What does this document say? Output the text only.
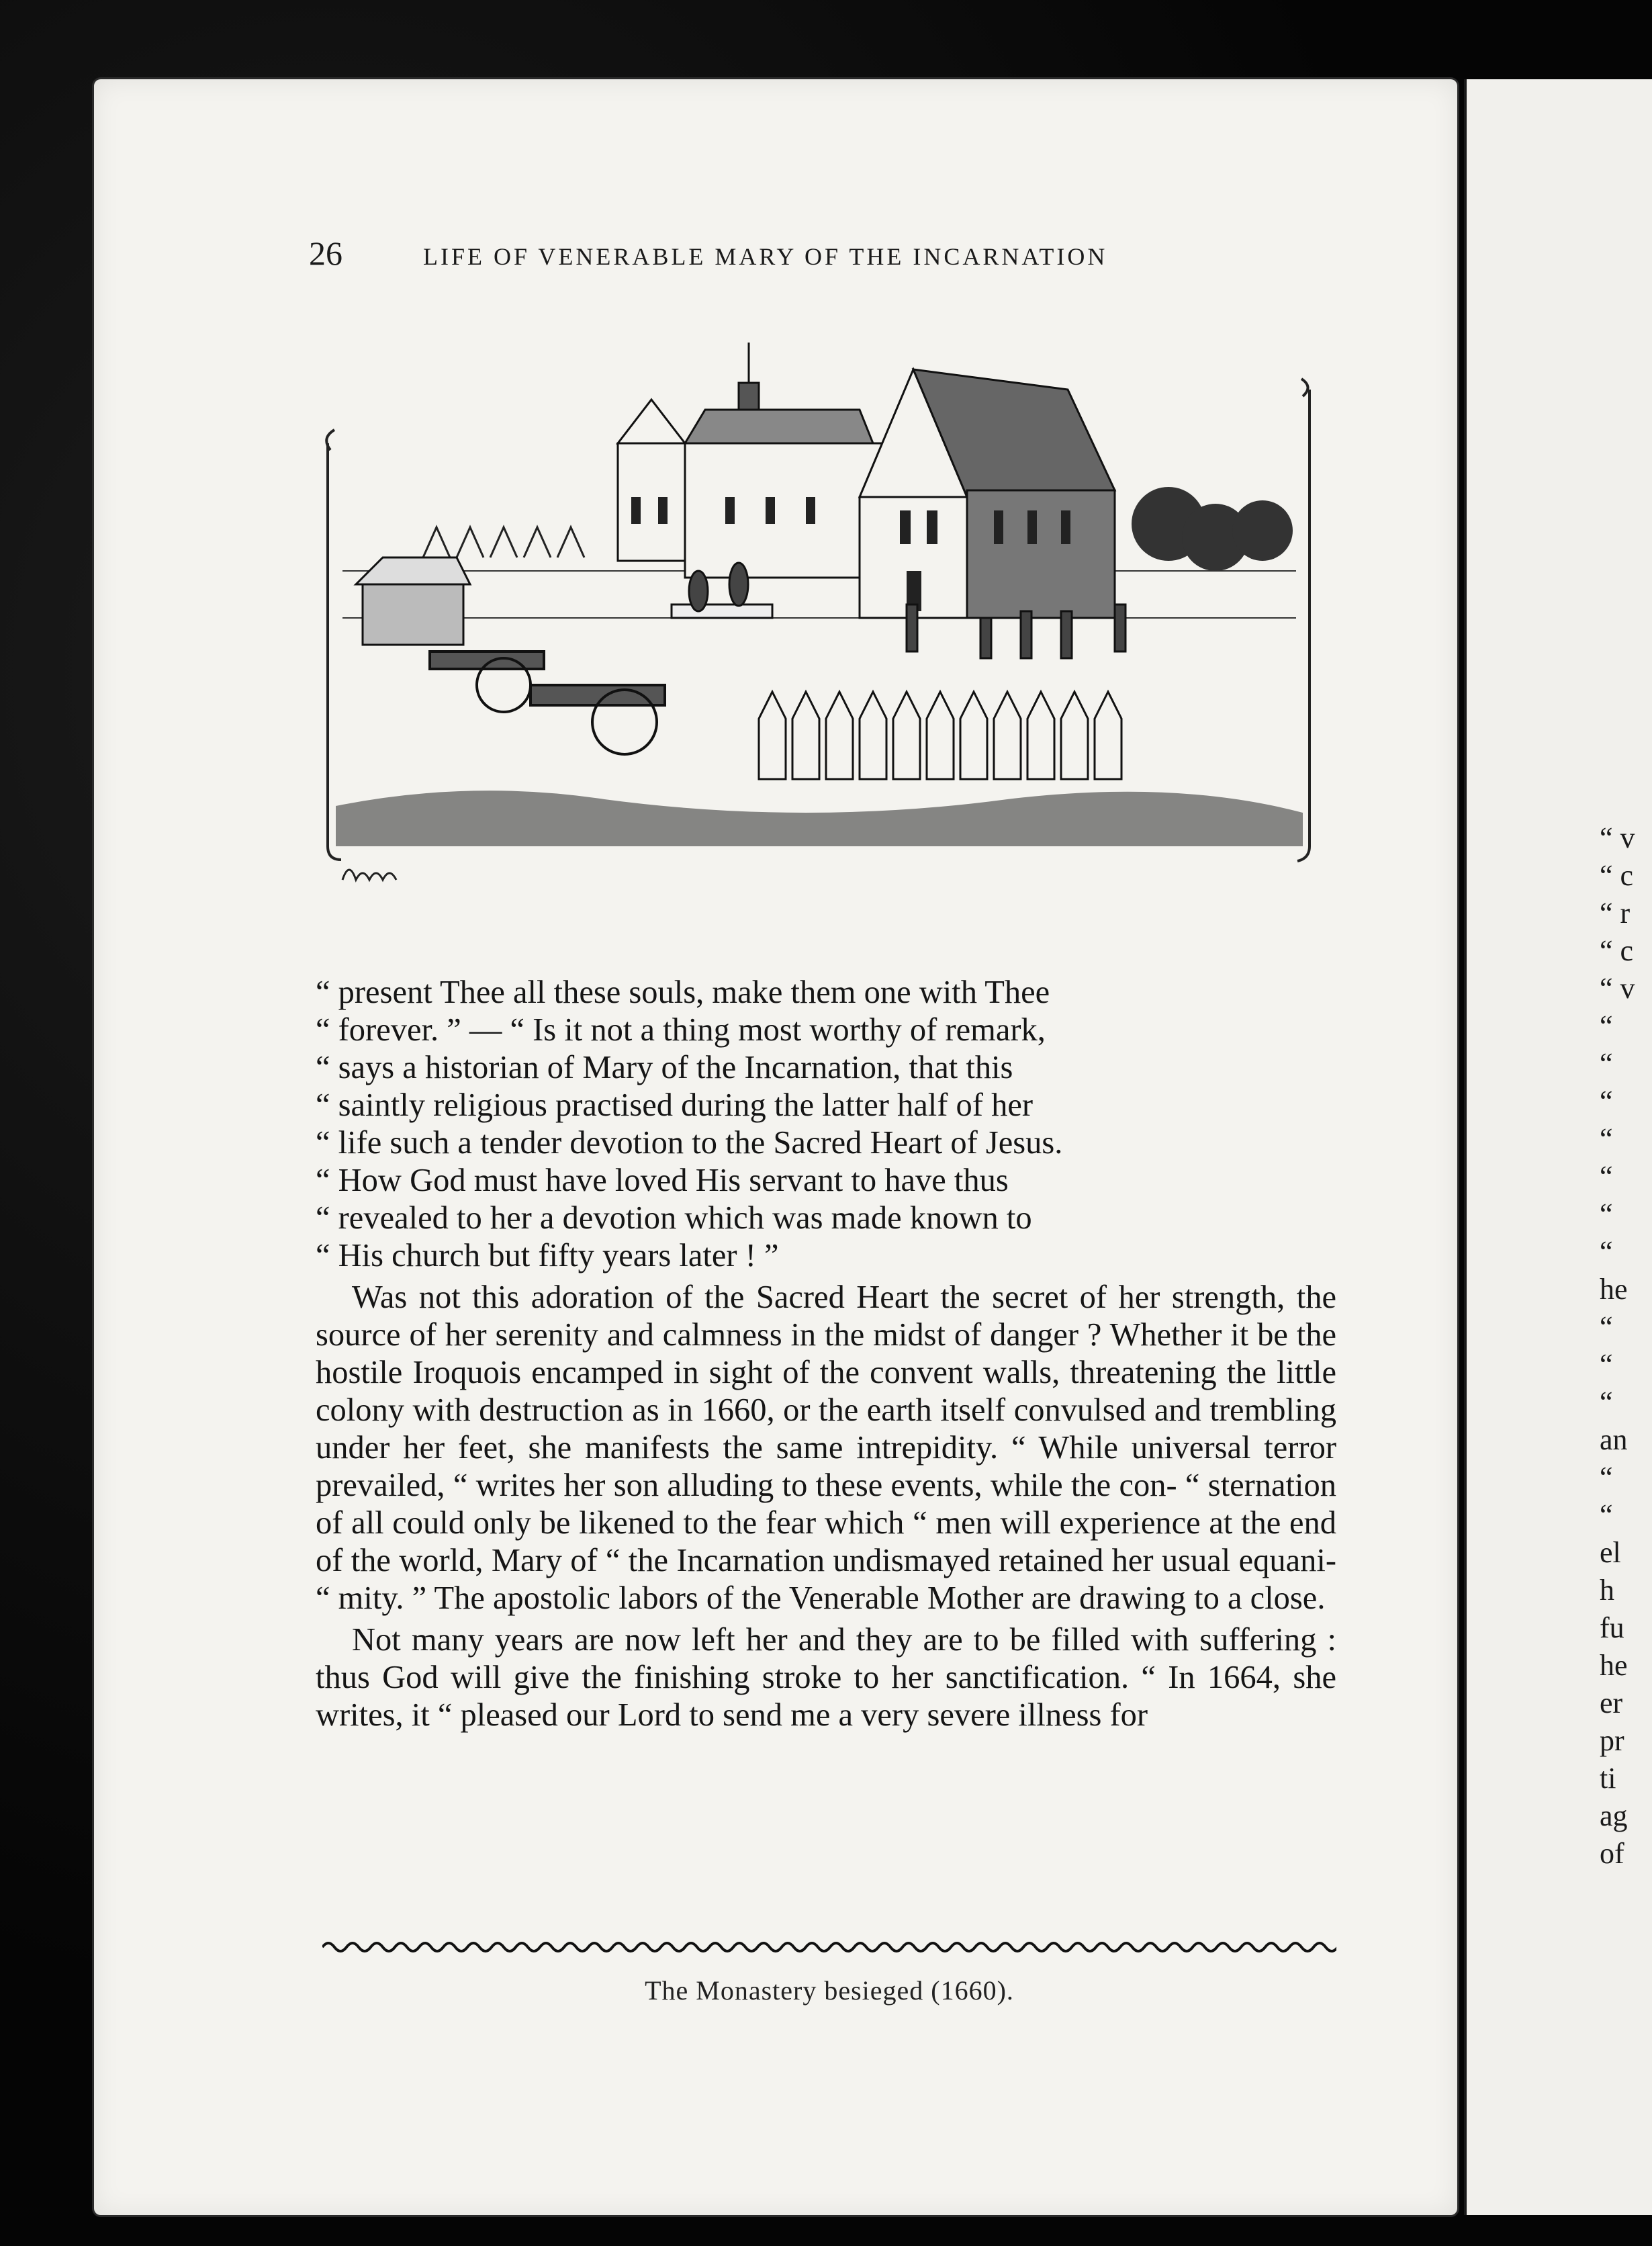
26	LIFE OF VENERABLE MARY OF THE INCARNATION

“ present Thee all these souls, make them one with Thee

“ forever. ” — “ Is it not a thing most worthy of remark,

“ says a historian of Mary of the Incarnation, that this

“ saintly religious practised during the latter half of her

“ life such a tender devotion to the Sacred Heart of Jesus.

“ How God must have loved His servant to have thus

“ revealed to her a devotion which was made known to

“ His church but fifty years later ! ”

Was not this adoration of the Sacred Heart the secret of her strength, the source of her serenity and calmness in the midst of danger ? Whether it be the hostile Iroquois encamped in sight of the convent walls, threatening the little colony with destruction as in 1660, or the earth itself convulsed and trembling under her feet, she manifests the same intrepidity. “ While universal terror prevailed, “ writes her son alluding to these events, while the con- “ sternation of all could only be likened to the fear which “ men will experience at the end of the world, Mary of “ the Incarnation undismayed retained her usual equani- “ mity. ” The apostolic labors of the Venerable Mother are drawing to a close.

Not many years are now left her and they are to be filled with suffering : thus God will give the finishing stroke to her sanctification. “ In 1664, she writes, it “ pleased our Lord to send me a very severe illness for

The Monastery besieged (1660).
“ v
“ c
“ r
“ c
“ v
“
“
“
“
“
“
“
he
“
“
“
an
“
“
el
h
fu
he
er
pr
ti
ag
of
